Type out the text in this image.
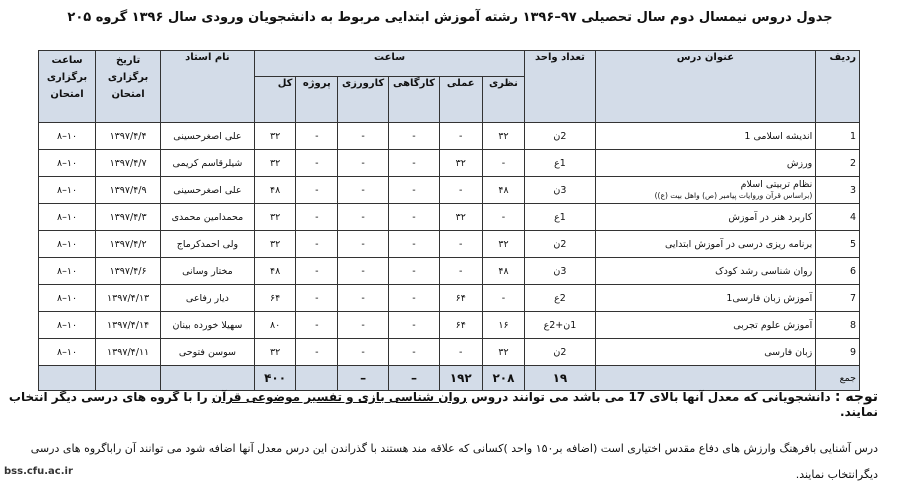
جدول دروس نیمسال دوم سال تحصیلی ۹۷–۱۳۹۶ رشته آموزش ابتدایی مربوط به دانشجویان ورودی سال ۱۳۹۶ گروه ۲۰۵
ردیف	عنوان درس	تعداد واحد	ساعت						نام استاد	تاریخ برگزاری امتحان	ساعت برگزاری امتحان
			نظری	عملی	کارگاهی	کارورزی	پروژه	کل			
1	اندیشه اسلامی 1	2ن	۳۲	-	-	-	-	۳۲	علی اصغرحسینی	۱۳۹۷/۴/۴	۱۰–۸
2	ورزش	1ع	-	۳۲	-	-	-	۳۲	شیلرقاسم کریمی	۱۳۹۷/۴/۷	۱۰–۸
3	نظام تربیتی اسلام
(براساس قرآن وروایات پیامبر (ص) واهل بیت (ع))	3ن	۴۸	-	-	-	-	۴۸	علی اصغرحسینی	۱۳۹۷/۴/۹	۱۰–۸
4	کاربرد هنر در آموزش	1ع	-	۳۲	-	-	-	۳۲	محمدامین محمدی	۱۳۹۷/۴/۳	۱۰–۸
5	برنامه ریزی درسی در آموزش ابتدایی	2ن	۳۲	-	-	-	-	۳۲	ولی احمدکرماج	۱۳۹۷/۴/۲	۱۰–۸
6	روان شناسی رشد کودک	3ن	۴۸	-	-	-	-	۴۸	مختار وسانی	۱۳۹۷/۴/۶	۱۰–۸
7	آموزش زبان فارسی1	2ع	-	۶۴	-	-	-	۶۴	دیار رفاعی	۱۳۹۷/۴/۱۳	۱۰–۸
8	آموزش علوم تجربی	1ن+2ع	۱۶	۶۴	-	-	-	۸۰	سهیلا خورده بینان	۱۳۹۷/۴/۱۴	۱۰–۸
9	زبان فارسی	2ن	۳۲	-	-	-	-	۳۲	سوسن فتوحی	۱۳۹۷/۴/۱۱	۱۰–۸
جمع		۱۹	۲۰۸	۱۹۲	–	–		۴۰۰			
توجه : دانشجویانی که معدل آنها بالای 17 می باشد می توانند دروس روان شناسی بازی و تفسیر موضوعی قرآن را با گروه های درسی دیگر انتخاب نمایند.
درس آشنایی بافرهنگ وارزش های دفاع مقدس اختیاری است (اضافه بر۱۵۰ واحد )کسانی که علاقه مند هستند با گذراندن این درس معدل آنها اضافه شود می توانند آن راباگروه های درسی دیگرانتخاب نمایند.
bss.cfu.ac.ir
